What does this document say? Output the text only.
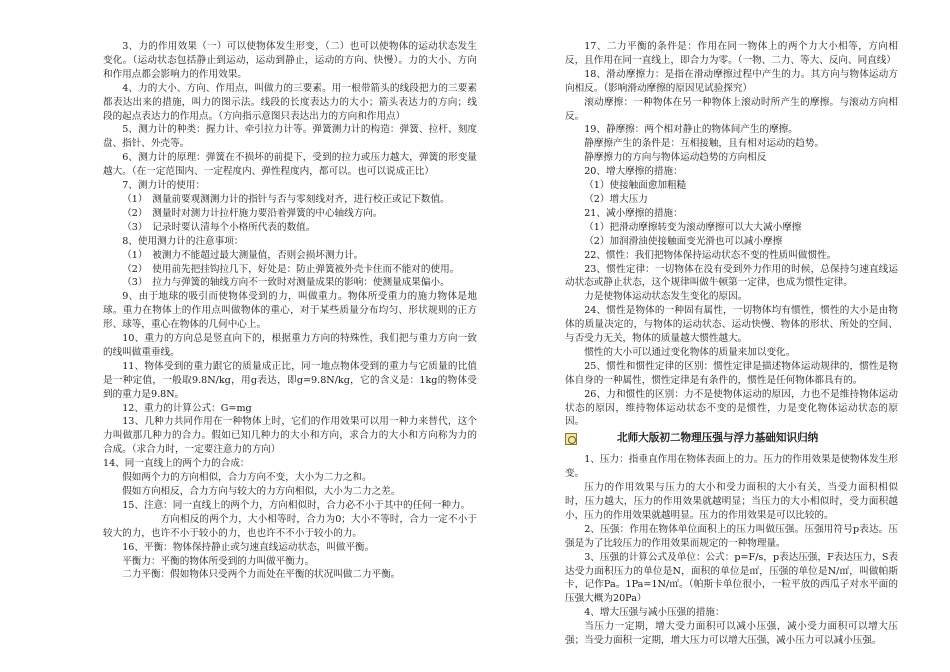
3、力的作用效果（一）可以使物体发生形变，（二）也可以使物体的运动状态发生变化。（运动状态包括静止到运动，运动到静止，运动的方向、快慢）。力的大小、方向和作用点都会影响力的作用效果。

4、力的大小、方向、作用点，叫做力的三要素。用一根带箭头的线段把力的三要素都表达出来的措施，叫力的图示法。线段的长度表达力的大小；箭头表达力的方向；线段的起点表达力的作用点。（方向指示意图只表达出力的方向和作用点）

5、测力计的种类：握力计、牵引拉力计等。弹簧测力计的构造：弹簧、拉杆、刻度盘、指针、外壳等。

6、测力计的原理：弹簧在不损坏的前提下，受到的拉力或压力越大，弹簧的形变量越大。（在一定范围内、一定程度内、弹性程度内，都可以。也可以说成正比）

7、测力计的使用：

（1）　测量前要观测测力计的指针与否与零刻线对齐，进行校正或记下数值。

（2）　测量时对测力计拉杆施力要沿着弹簧的中心轴线方向。

（3）　记录时要认清每个小格所代表的数值。

8、使用测力计的注意事项：

（1）　被测力不能超过最大测量值，否则会损坏测力计。

（2）　使用前先把挂钩拉几下，好处是：防止弹簧被外壳卡住而不能对的使用。

（3）　拉力与弹簧的轴线方向不一致时对测量成果的影响：使测量成果偏小。

9、由于地球的吸引而使物体受到的力，叫做重力。物体所受重力的施力物体是地球。重力在物体上的作用点叫做物体的重心，对于某些质量分布均匀、形状规则的正方形、球等，重心在物体的几何中心上。

10、重力的方向总是竖直向下的，根据重力方向的特殊性，我们把与重力方向一致的线叫做重垂线。

11、物体受到的重力跟它的质量成正比，同一地点物体受到的重力与它质量的比值是一种定值，一般取9.8N/kg，用g表达，即g=9.8N/kg，它的含义是：1kg的物体受到的重力是9.8N。

12、重力的计算公式：G=mg

13、几种力共同作用在一种物体上时，它们的作用效果可以用一种力来替代，这个力叫做那几种力的合力。假如已知几种力的大小和方向，求合力的大小和方向称为力的合成。（求合力时，一定要注意力的方向）

14、同一直线上的两个力的合成：

假如两个力的方向相似，合力方向不变，大小为二力之和。

假如方向相反，合力方向与较大的力方向相似，大小为二力之差。

15、注意：同一直线上的两个力，方向相似时，合力必不小于其中的任何一种力。

方向相反的两个力，大小相等时，合力为0；大小不等时，合力一定不小于较大的力，也许不小于较小的力，也也许不不小于较小的力。

16、平衡：物体保持静止或匀速直线运动状态，叫做平衡。

平衡力：平衡的物体所受到的力叫做平衡力。

二力平衡：假如物体只受两个力而处在平衡的状况叫做二力平衡。

17、二力平衡的条件是：作用在同一物体上的两个力大小相等，方向相反，且作用在同一直线上，即合力为零。（一物、二力、等大、反向、同直线）

18、滑动摩擦力：是指在滑动摩擦过程中产生的力。其方向与物体运动方向相反。（影响滑动摩擦的原因见试验探究）

滚动摩擦：一种物体在另一种物体上滚动时所产生的摩擦。与滚动方向相反。

19、静摩擦：两个相对静止的物体间产生的摩擦。

静摩擦产生的条件是：互相接触，且有相对运动的趋势。

静摩擦力的方向与物体运动趋势的方向相反

20、增大摩擦的措施：

（1）使接触面愈加粗糙

（2）增大压力

21、减小摩擦的措施：

（1）把滑动摩擦转变为滚动摩擦可以大大减小摩擦

（2）加润滑油使接触面变光滑也可以减小摩擦

22、惯性：我们把物体保持运动状态不变的性质叫做惯性。

23、惯性定律：一切物体在没有受到外力作用的时候，总保持匀速直线运动状态或静止状态，这个规律叫做牛顿第一定律，也成为惯性定律。

力是使物体运动状态发生变化的原因。

24、惯性是物体的一种固有属性，一切物体均有惯性，惯性的大小是由物体的质量决定的，与物体的运动状态、运动快慢、物体的形状、所处的空间、与否受力无关，物体的质量越大惯性越大。

惯性的大小可以通过变化物体的质量来加以变化。

25、惯性和惯性定律的区别：惯性定律是描述物体运动规律的，惯性是物体自身的一种属性，惯性定律是有条件的，惯性是任何物体都具有的。

26、力和惯性的区别：力不是使物体运动的原因，力也不是维持物体运动状态的原因，维持物体运动状态不变的是惯性，力是变化物体运动状态的原因。

北师大版初二物理压强与浮力基础知识归纳

1、压力：指垂直作用在物体表面上的力。压力的作用效果是使物体发生形变。

压力的作用效果与压力的大小和受力面积的大小有关，当受力面积相似时，压力越大，压力的作用效果就越明显；当压力的大小相似时，受力面积越小，压力的作用效果就越明显。压力的作用效果是可以比较的。

2、压强：作用在物体单位面积上的压力叫做压强。压强用符号p表达。压强是为了比较压力的作用效果而规定的一种物理量。

3、压强的计算公式及单位：公式：p=F/s，p表达压强，F表达压力，S表达受力面积压力的单位是N，面积的单位是㎡，压强的单位是N/㎡，叫做帕斯卡，记作Pa。1Pa=1N/㎡。（帕斯卡单位很小，一粒平放的西瓜子对水平面的压强大概为20Pa）

4、增大压强与减小压强的措施：

当压力一定期，增大受力面积可以减小压强，减小受力面积可以增大压强；当受力面积一定期，增大压力可以增大压强，减小压力可以减小压强。
